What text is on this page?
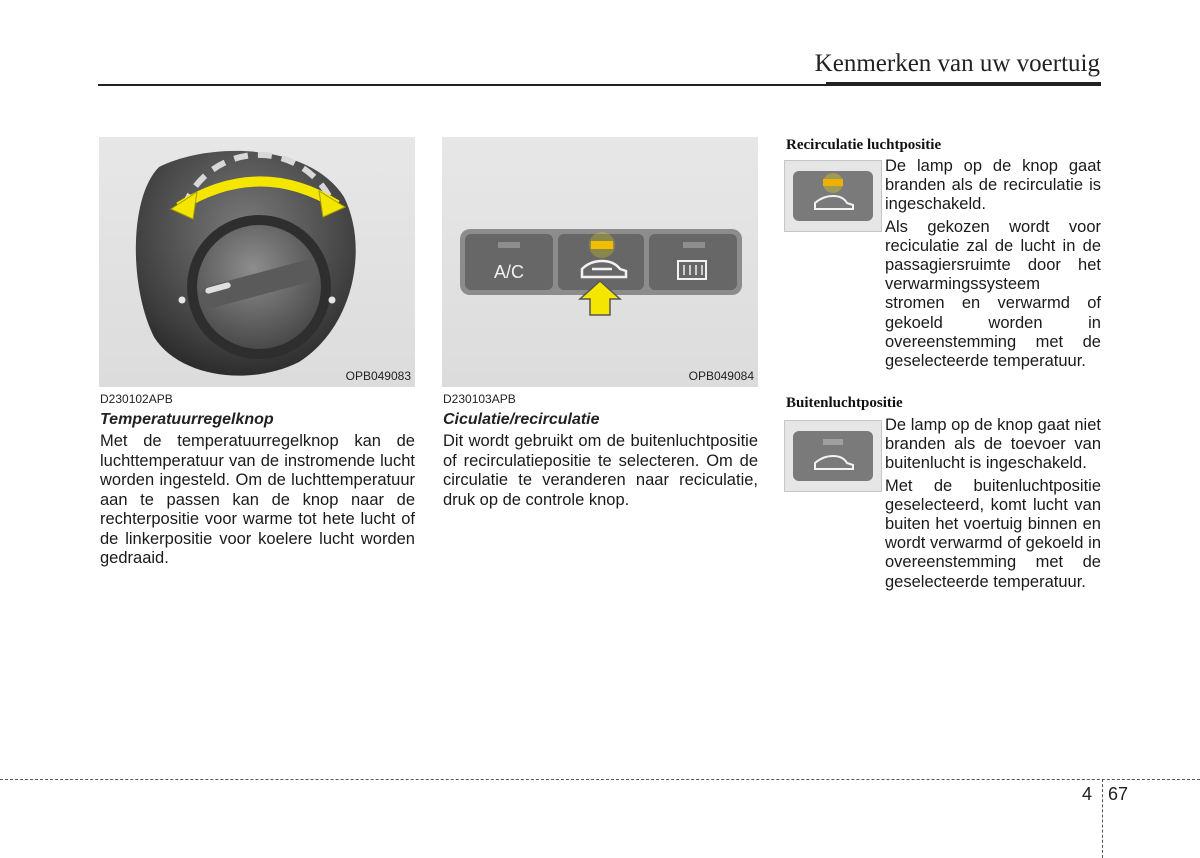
Kenmerken van uw voertuig
OPB049083
D230102APB
Temperatuurregelknop

Met de temperatuurregelknop kan de luchttemperatuur van de instromende lucht worden ingesteld. Om de luchttemperatuur aan te passen kan de knop naar de rechterpositie voor warme tot hete lucht of de linkerpositie voor koelere lucht worden gedraaid.

A/C
OPB049084
D230103APB
Ciculatie/recirculatie

Dit wordt gebruikt om de buitenluchtpositie of recirculatiepositie te selecteren. Om de circulatie te veranderen naar reciculatie, druk op de controle knop.

Recirculatie luchtpositie

De lamp op de knop gaat branden als de recirculatie is ingeschakeld.

Als gekozen wordt voor reciculatie zal de lucht in de passagiersruimte door het verwarmingssysteem stromen en verwarmd of gekoeld worden in overeenstemming met de geselecteerde temperatuur.

Buitenluchtpositie

De lamp op de knop gaat niet branden als de toevoer van buitenlucht is ingeschakeld.

Met de buitenluchtpositie geselecteerd, komt lucht van buiten het voertuig binnen en wordt verwarmd of gekoeld in overeenstemming met de geselecteerde temperatuur.

4 67
